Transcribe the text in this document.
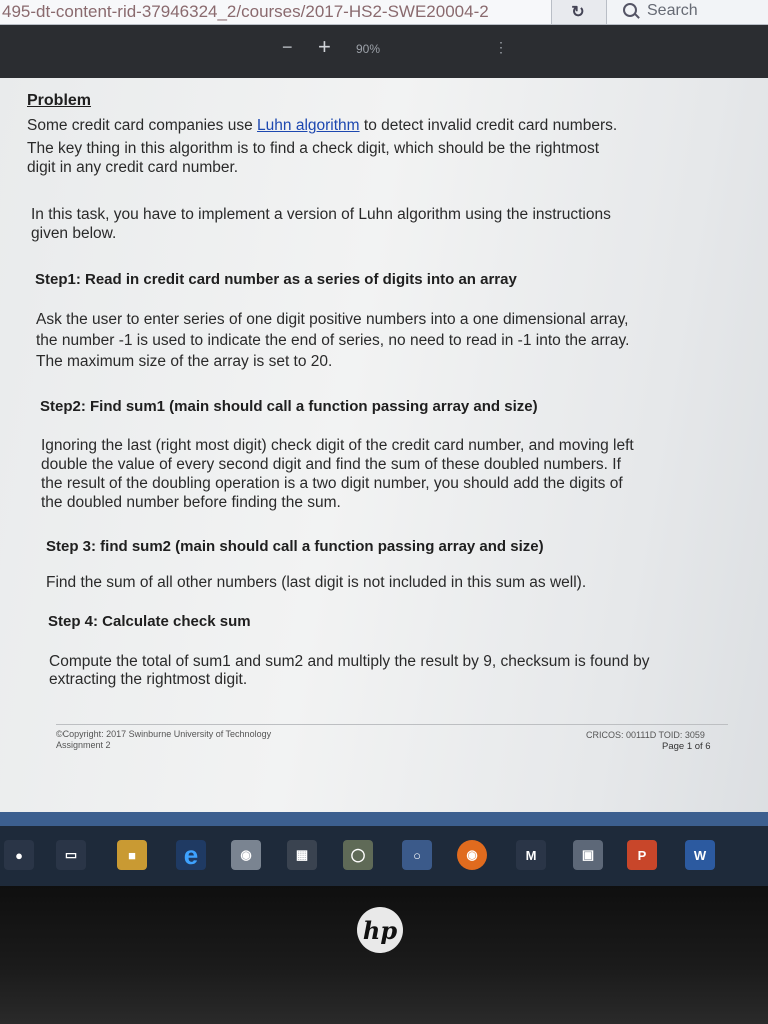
495-dt-content-rid-37946324_2/courses/2017-HS2-SWE20004-2	↻	Search
− + 90%	⋮
Problem
Some credit card companies use Luhn algorithm to detect invalid credit card numbers.
The key thing in this algorithm is to find a check digit, which should be the rightmost
digit in any credit card number.
In this task, you have to implement a version of Luhn algorithm using the instructions
given below.
Step1: Read in credit card number as a series of digits into an array
Ask the user to enter series of one digit positive numbers into a one dimensional array,
the number -1 is used to indicate the end of series, no need to read in -1 into the array.
The maximum size of the array is set to 20.
Step2: Find sum1 (main should call a function passing array and size)
Ignoring the last (right most digit) check digit of the credit card number, and moving left
double the value of every second digit and find the sum of these doubled numbers. If
the result of the doubling operation is a two digit number, you should add the digits of
the doubled number before finding the sum.
Step 3: find sum2 (main should call a function passing array and size)
Find the sum of all other numbers (last digit is not included in this sum as well).
Step 4: Calculate check sum
Compute the total of sum1 and sum2 and multiply the result by 9, checksum is found by
extracting the rightmost digit.
©Copyright: 2017 Swinburne University of Technology
Assignment 2
CRICOS: 00111D TOID: 3059
Page 1 of 6
●	▭	■	e	◉	▦	◯	○	◉	M	▣	P	W
hp
